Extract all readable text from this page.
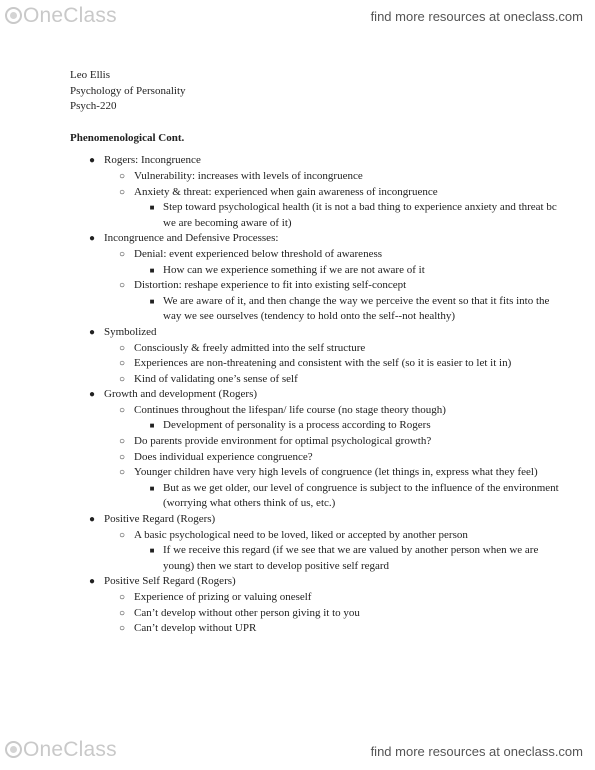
OneClass	find more resources at oneclass.com
Leo Ellis
Psychology of Personality
Psych-220
Phenomenological Cont.
● Rogers: Incongruence
○ Vulnerability: increases with levels of incongruence
○ Anxiety & threat: experienced when gain awareness of incongruence
■ Step toward psychological health (it is not a bad thing to experience anxiety and threat bc we are becoming aware of it)
● Incongruence and Defensive Processes:
○ Denial: event experienced below threshold of awareness
■ How can we experience something if we are not aware of it
○ Distortion: reshape experience to fit into existing self-concept
■ We are aware of it, and then change the way we perceive the event so that it fits into the way we see ourselves (tendency to hold onto the self--not healthy)
● Symbolized
○ Consciously & freely admitted into the self structure
○ Experiences are non-threatening and consistent with the self (so it is easier to let it in)
○ Kind of validating one’s sense of self
● Growth and development (Rogers)
○ Continues throughout the lifespan/ life course (no stage theory though)
■ Development of personality is a process according to Rogers
○ Do parents provide environment for optimal psychological growth?
○ Does individual experience congruence?
○ Younger children have very high levels of congruence (let things in, express what they feel)
■ But as we get older, our level of congruence is subject to the influence of the environment (worrying what others think of us, etc.)
● Positive Regard (Rogers)
○ A basic psychological need to be loved, liked or accepted by another person
■ If we receive this regard (if we see that we are valued by another person when we are young) then we start to develop positive self regard
● Positive Self Regard (Rogers)
○ Experience of prizing or valuing oneself
○ Can’t develop without other person giving it to you
○ Can’t develop without UPR
OneClass	find more resources at oneclass.com
